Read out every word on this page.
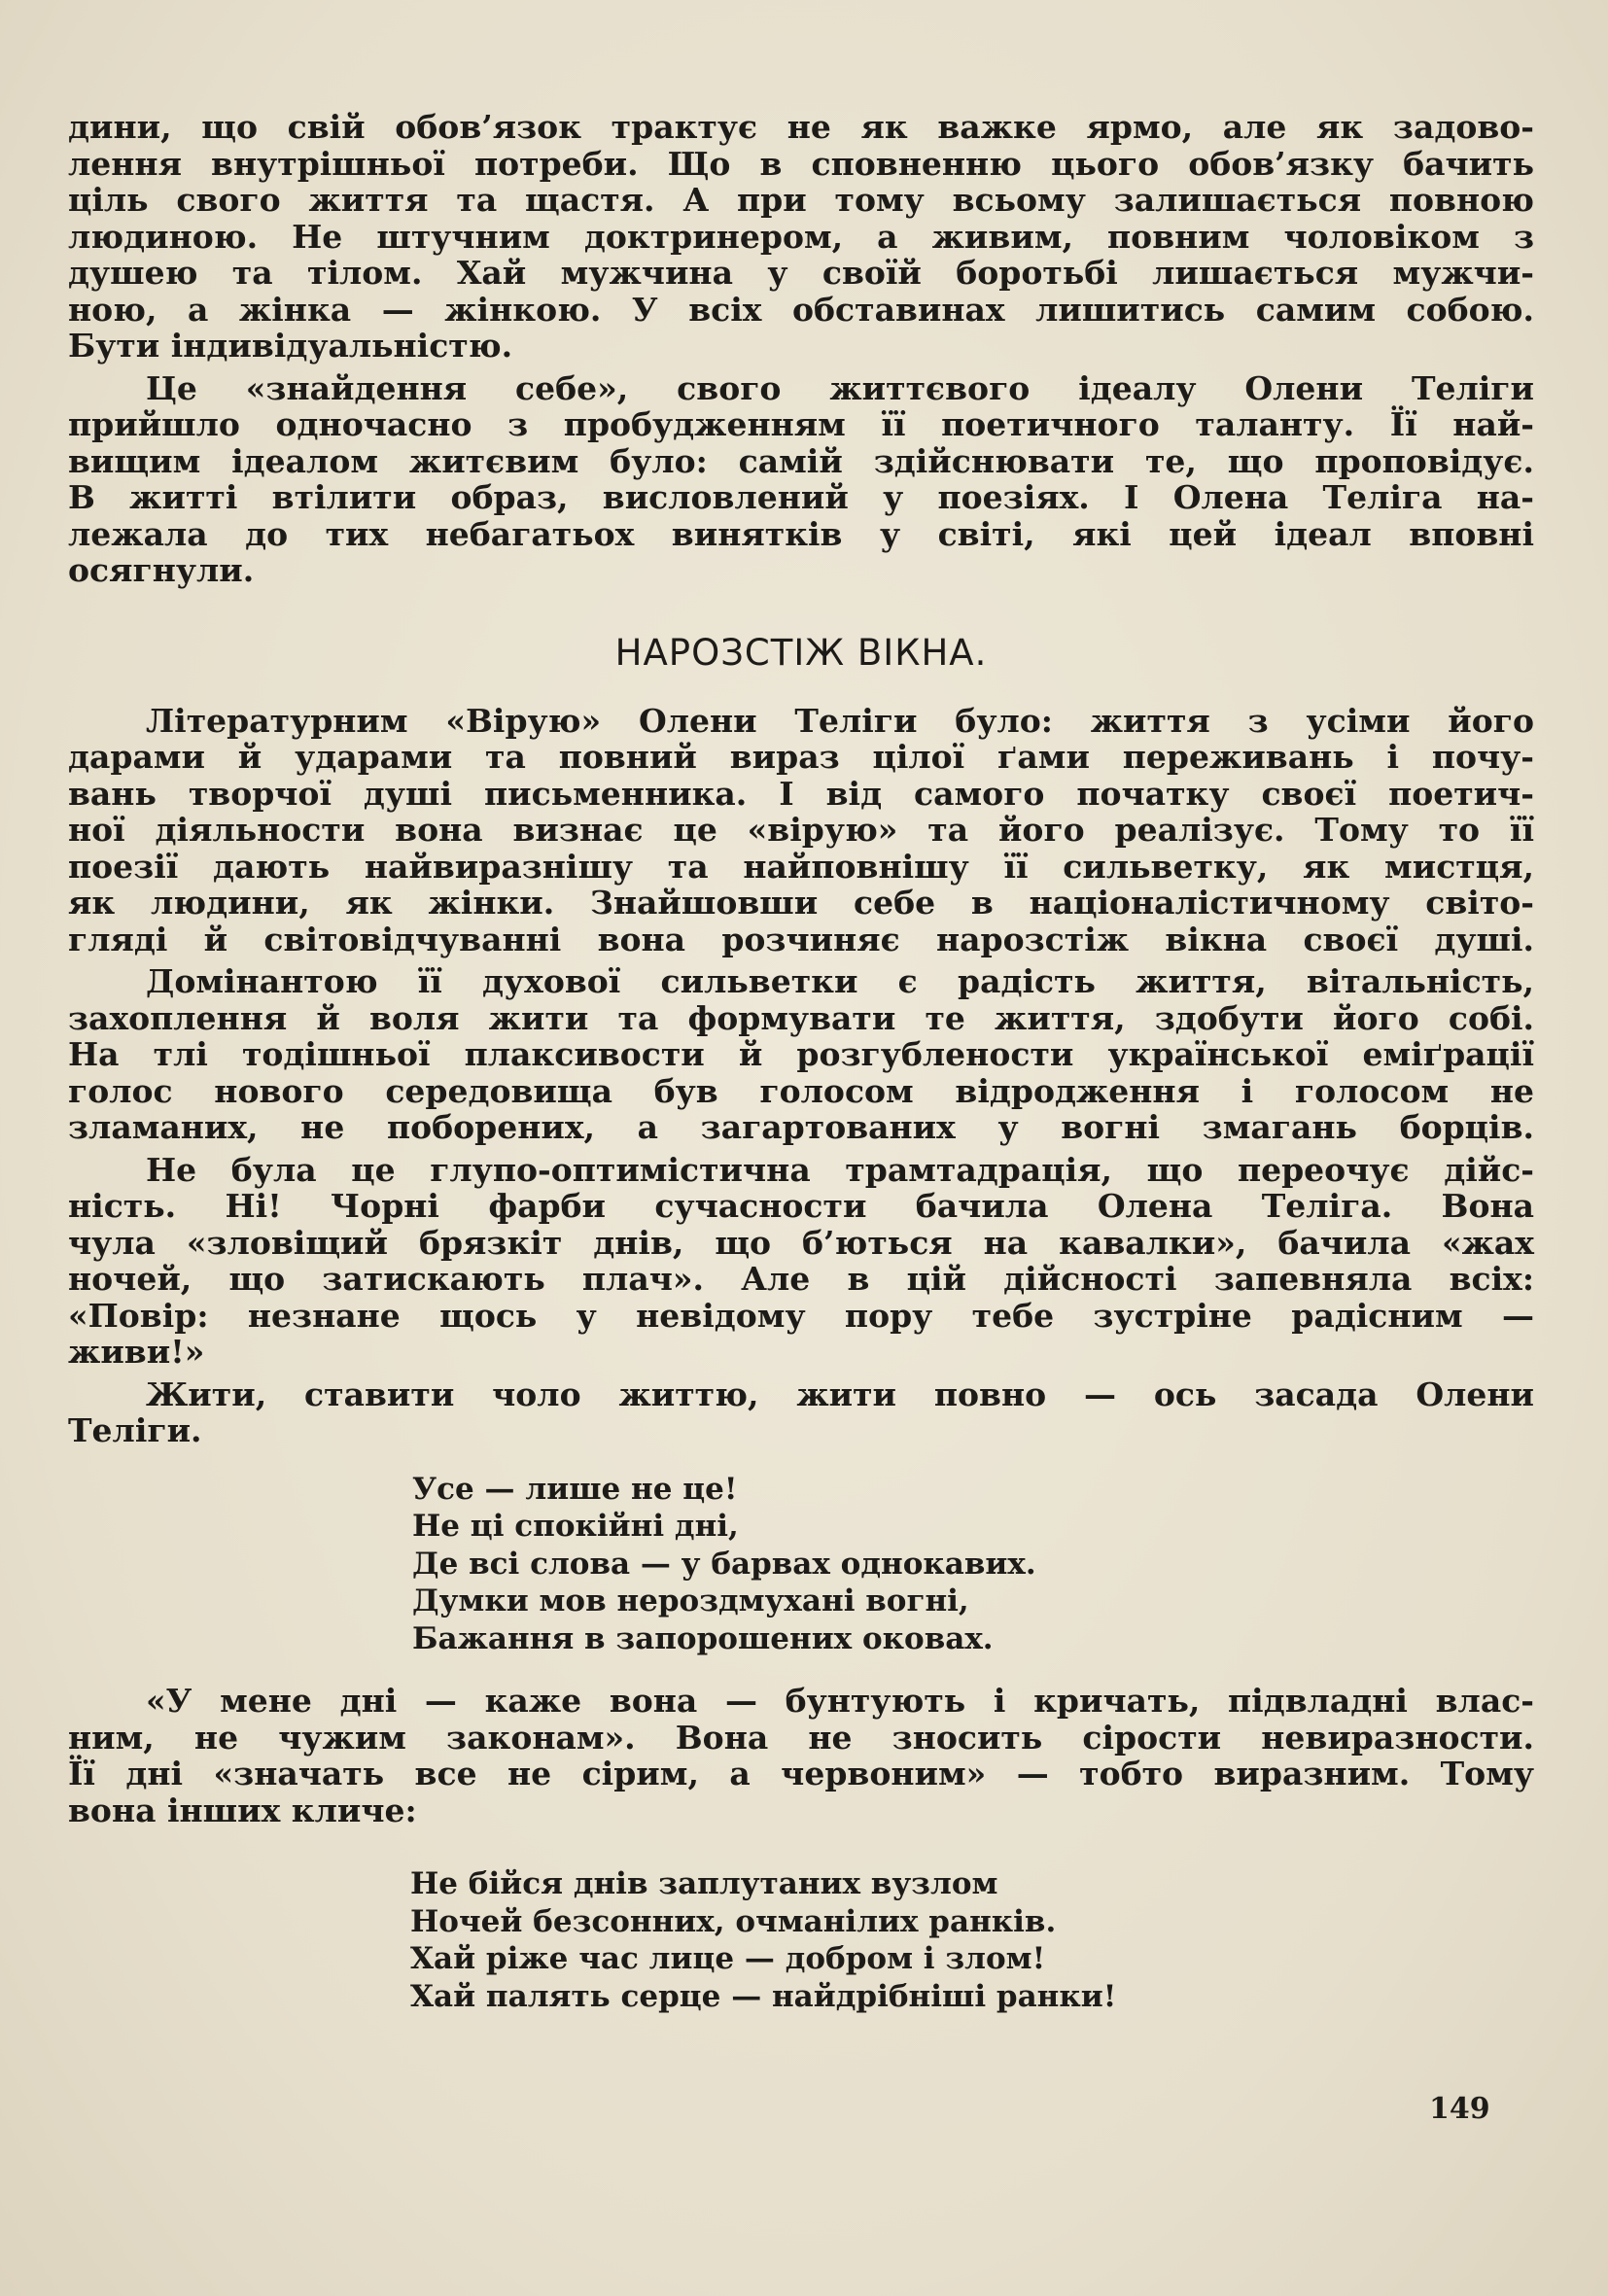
дини, що свій обов’язок трактує не як важке ярмо, але як задово-
лення внутрішньої потреби. Що в сповненню цього обов’язку бачить
ціль свого життя та щастя. А при тому всьому залишається повною
людиною. Не штучним доктринером, а живим, повним чоловіком з
душею та тілом. Хай мужчина у своїй боротьбі лишається мужчи-
ною, а жінка — жінкою. У всіх обставинах лишитись самим собою.
Бути індивідуальністю.

Це «знайдення себе», свого життєвого ідеалу Олени Теліги
прийшло одночасно з пробудженням її поетичного таланту. Її най-
вищим ідеалом житєвим було: самій здійснювати те, що проповідує.
В житті втілити образ, висловлений у поезіях. І Олена Теліга на-
лежала до тих небагатьох винятків у світі, які цей ідеал вповні
осягнули.

НАРОЗСТІЖ ВІКНА.

Літературним «Вірую» Олени Теліги було: життя з усіми його
дарами й ударами та повний вираз цілої ґами переживань і почу-
вань творчої душі письменника. І від самого початку своєї поетич-
ної діяльности вона визнає це «вірую» та його реалізує. Тому то її
поезії дають найвиразнішу та найповнішу її сильветку, як мистця,
як людини, як жінки. Знайшовши себе в націоналістичному світо-
гляді й світовідчуванні вона розчиняє нарозстіж вікна своєї душі.

Домінантою її духової сильветки є радість життя, вітальність,
захоплення й воля жити та формувати те життя, здобути його собі.
На тлі тодішньої плаксивости й розгублености української еміґрації
голос нового середовища був голосом відродження і голосом не
зламаних, не поборених, а загартованих у вогні змагань борців.

Не була це глупо-оптимістична трамтадрація, що переочує дійс-
ність. Ні! Чорні фарби сучасности бачила Олена Теліга. Вона
чула «зловіщий брязкіт днів, що б’ються на кавалки», бачила «жах
ночей, що затискають плач». Але в цій дійсності запевняла всіх:
«Повір: незнане щось у невідому пору тебе зустріне радісним —
живи!»

Жити, ставити чоло життю, жити повно — ось засада Олени
Теліги.

Усе — лише не це!
Не ці спокійні дні,
Де всі слова — у барвах однокавих.
Думки мов нероздмухані вогні,
Бажання в запорошених оковах.

«У мене дні — каже вона — бунтують і кричать, підвладні влас-
ним, не чужим законам». Вона не зносить сірости невиразности.
Її дні «значать все не сірим, а червоним» — тобто виразним. Тому
вона інших кличе:

Не бійся днів заплутаних вузлом
Ночей безсонних, очманілих ранків.
Хай ріже час лице — добром і злом!
Хай палять серце — найдрібніші ранки!
149
